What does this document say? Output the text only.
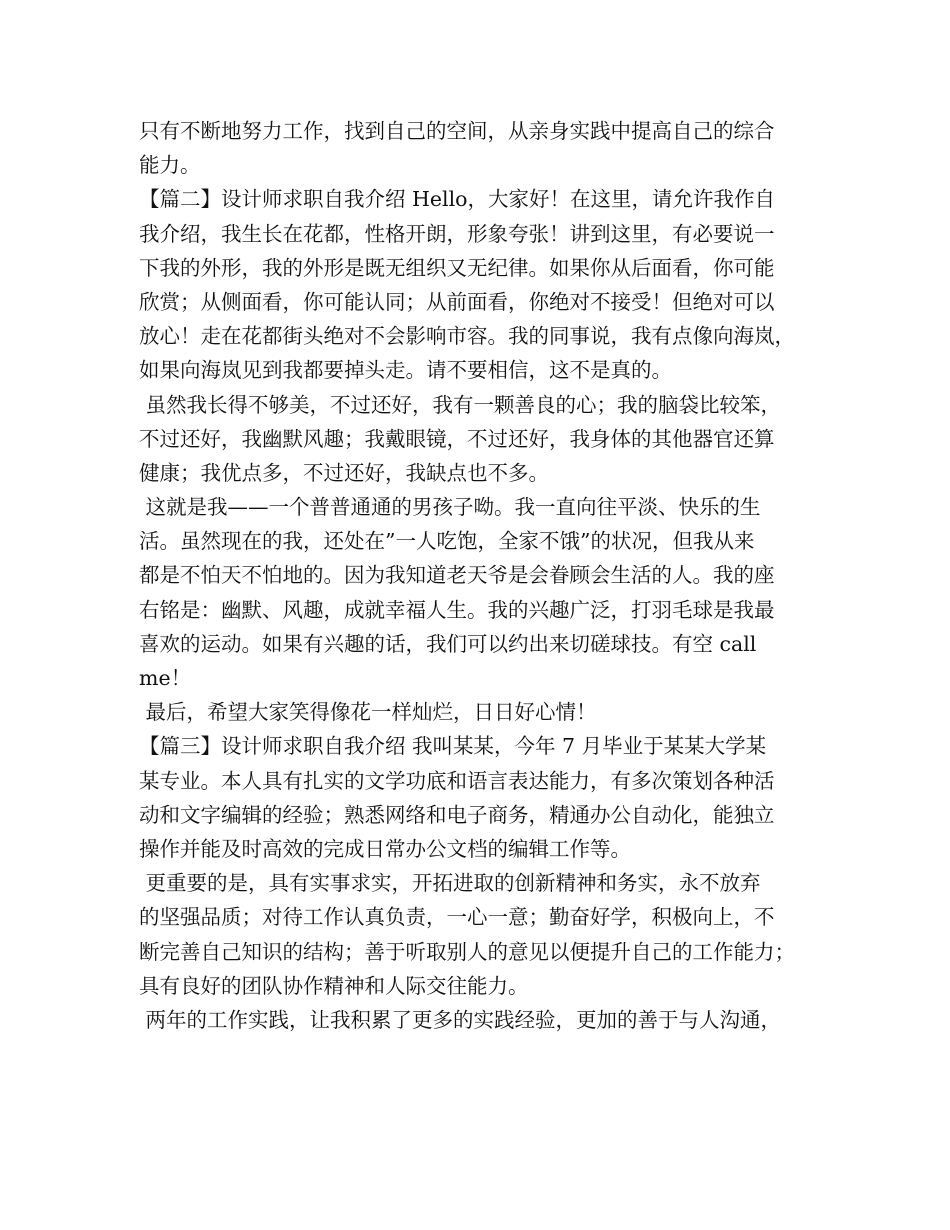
只有不断地努力工作，找到自己的空间，从亲身实践中提高自己的综合
能力。
【篇二】设计师求职自我介绍 Hello，大家好！在这里，请允许我作自
我介绍，我生长在花都，性格开朗，形象夸张！讲到这里，有必要说一
下我的外形，我的外形是既无组织又无纪律。如果你从后面看，你可能
欣赏；从侧面看，你可能认同；从前面看，你绝对不接受！但绝对可以
放心！走在花都街头绝对不会影响市容。我的同事说，我有点像向海岚，
如果向海岚见到我都要掉头走。请不要相信，这不是真的。
虽然我长得不够美，不过还好，我有一颗善良的心；我的脑袋比较笨，
不过还好，我幽默风趣；我戴眼镜，不过还好，我身体的其他器官还算
健康；我优点多，不过还好，我缺点也不多。
这就是我——一个普普通通的男孩子呦。我一直向往平淡、快乐的生
活。虽然现在的我，还处在”一人吃饱，全家不饿”的状况，但我从来
都是不怕天不怕地的。因为我知道老天爷是会眷顾会生活的人。我的座
右铭是：幽默、风趣，成就幸福人生。我的兴趣广泛，打羽毛球是我最
喜欢的运动。如果有兴趣的话，我们可以约出来切磋球技。有空 call
me！
最后，希望大家笑得像花一样灿烂，日日好心情！
【篇三】设计师求职自我介绍 我叫某某，今年 7 月毕业于某某大学某
某专业。本人具有扎实的文学功底和语言表达能力，有多次策划各种活
动和文字编辑的经验；熟悉网络和电子商务，精通办公自动化，能独立
操作并能及时高效的完成日常办公文档的编辑工作等。
更重要的是，具有实事求实，开拓进取的创新精神和务实，永不放弃
的坚强品质；对待工作认真负责，一心一意；勤奋好学，积极向上，不
断完善自己知识的结构；善于听取别人的意见以便提升自己的工作能力；
具有良好的团队协作精神和人际交往能力。
两年的工作实践，让我积累了更多的实践经验，更加的善于与人沟通，
